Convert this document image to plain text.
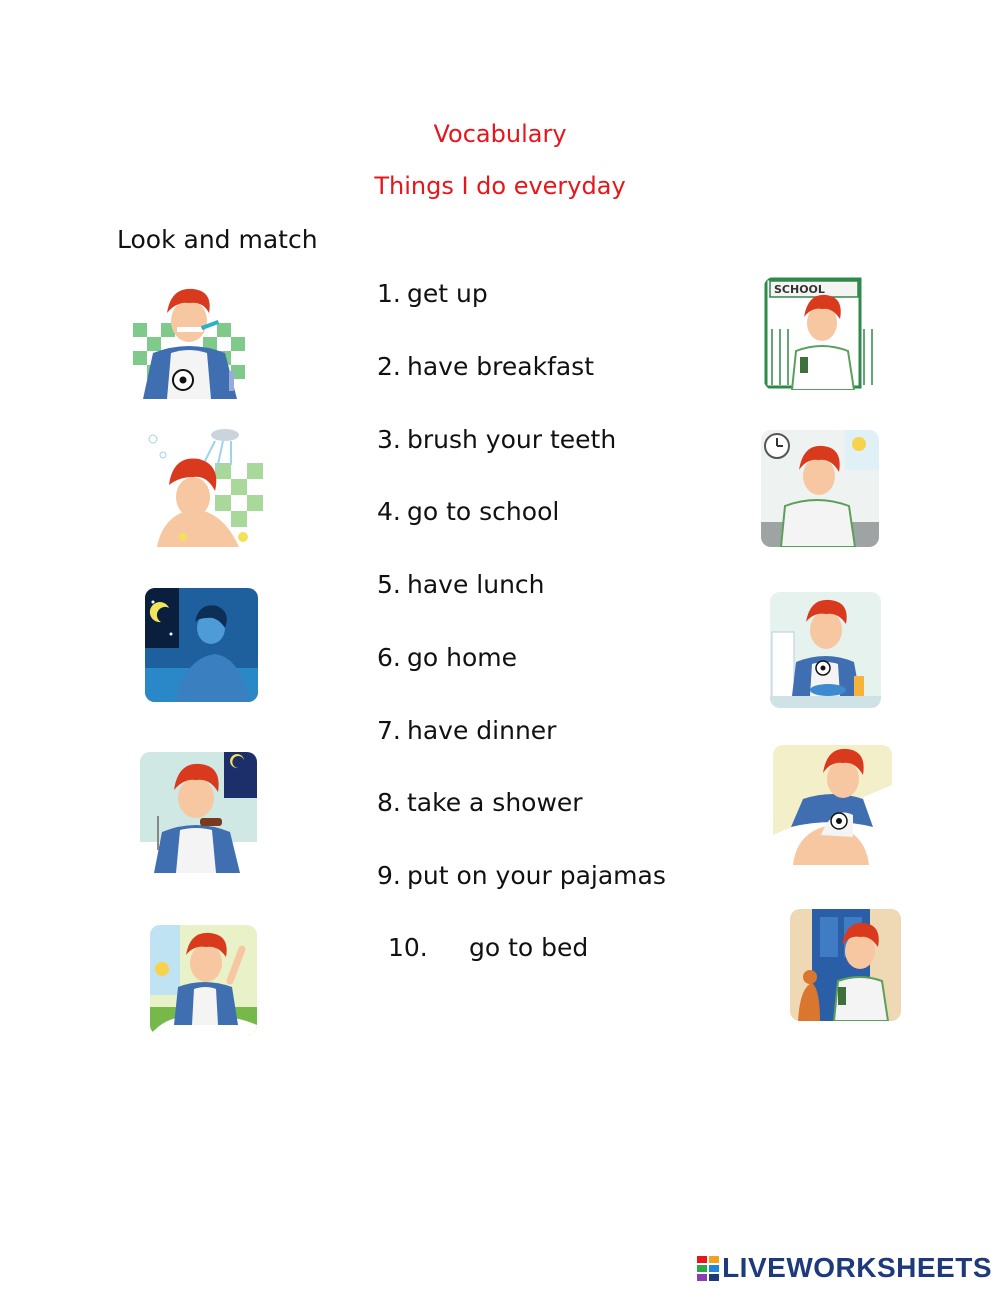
Vocabulary
Things I do everyday
Look and match
1. get up
2. have breakfast
3. brush your teeth
4. go to school
5. have lunch
6. go home
7. have dinner
8. take a shower
9. put on your pajamas
10. go to bed
SCHOOL
LIVEWORKSHEETS
